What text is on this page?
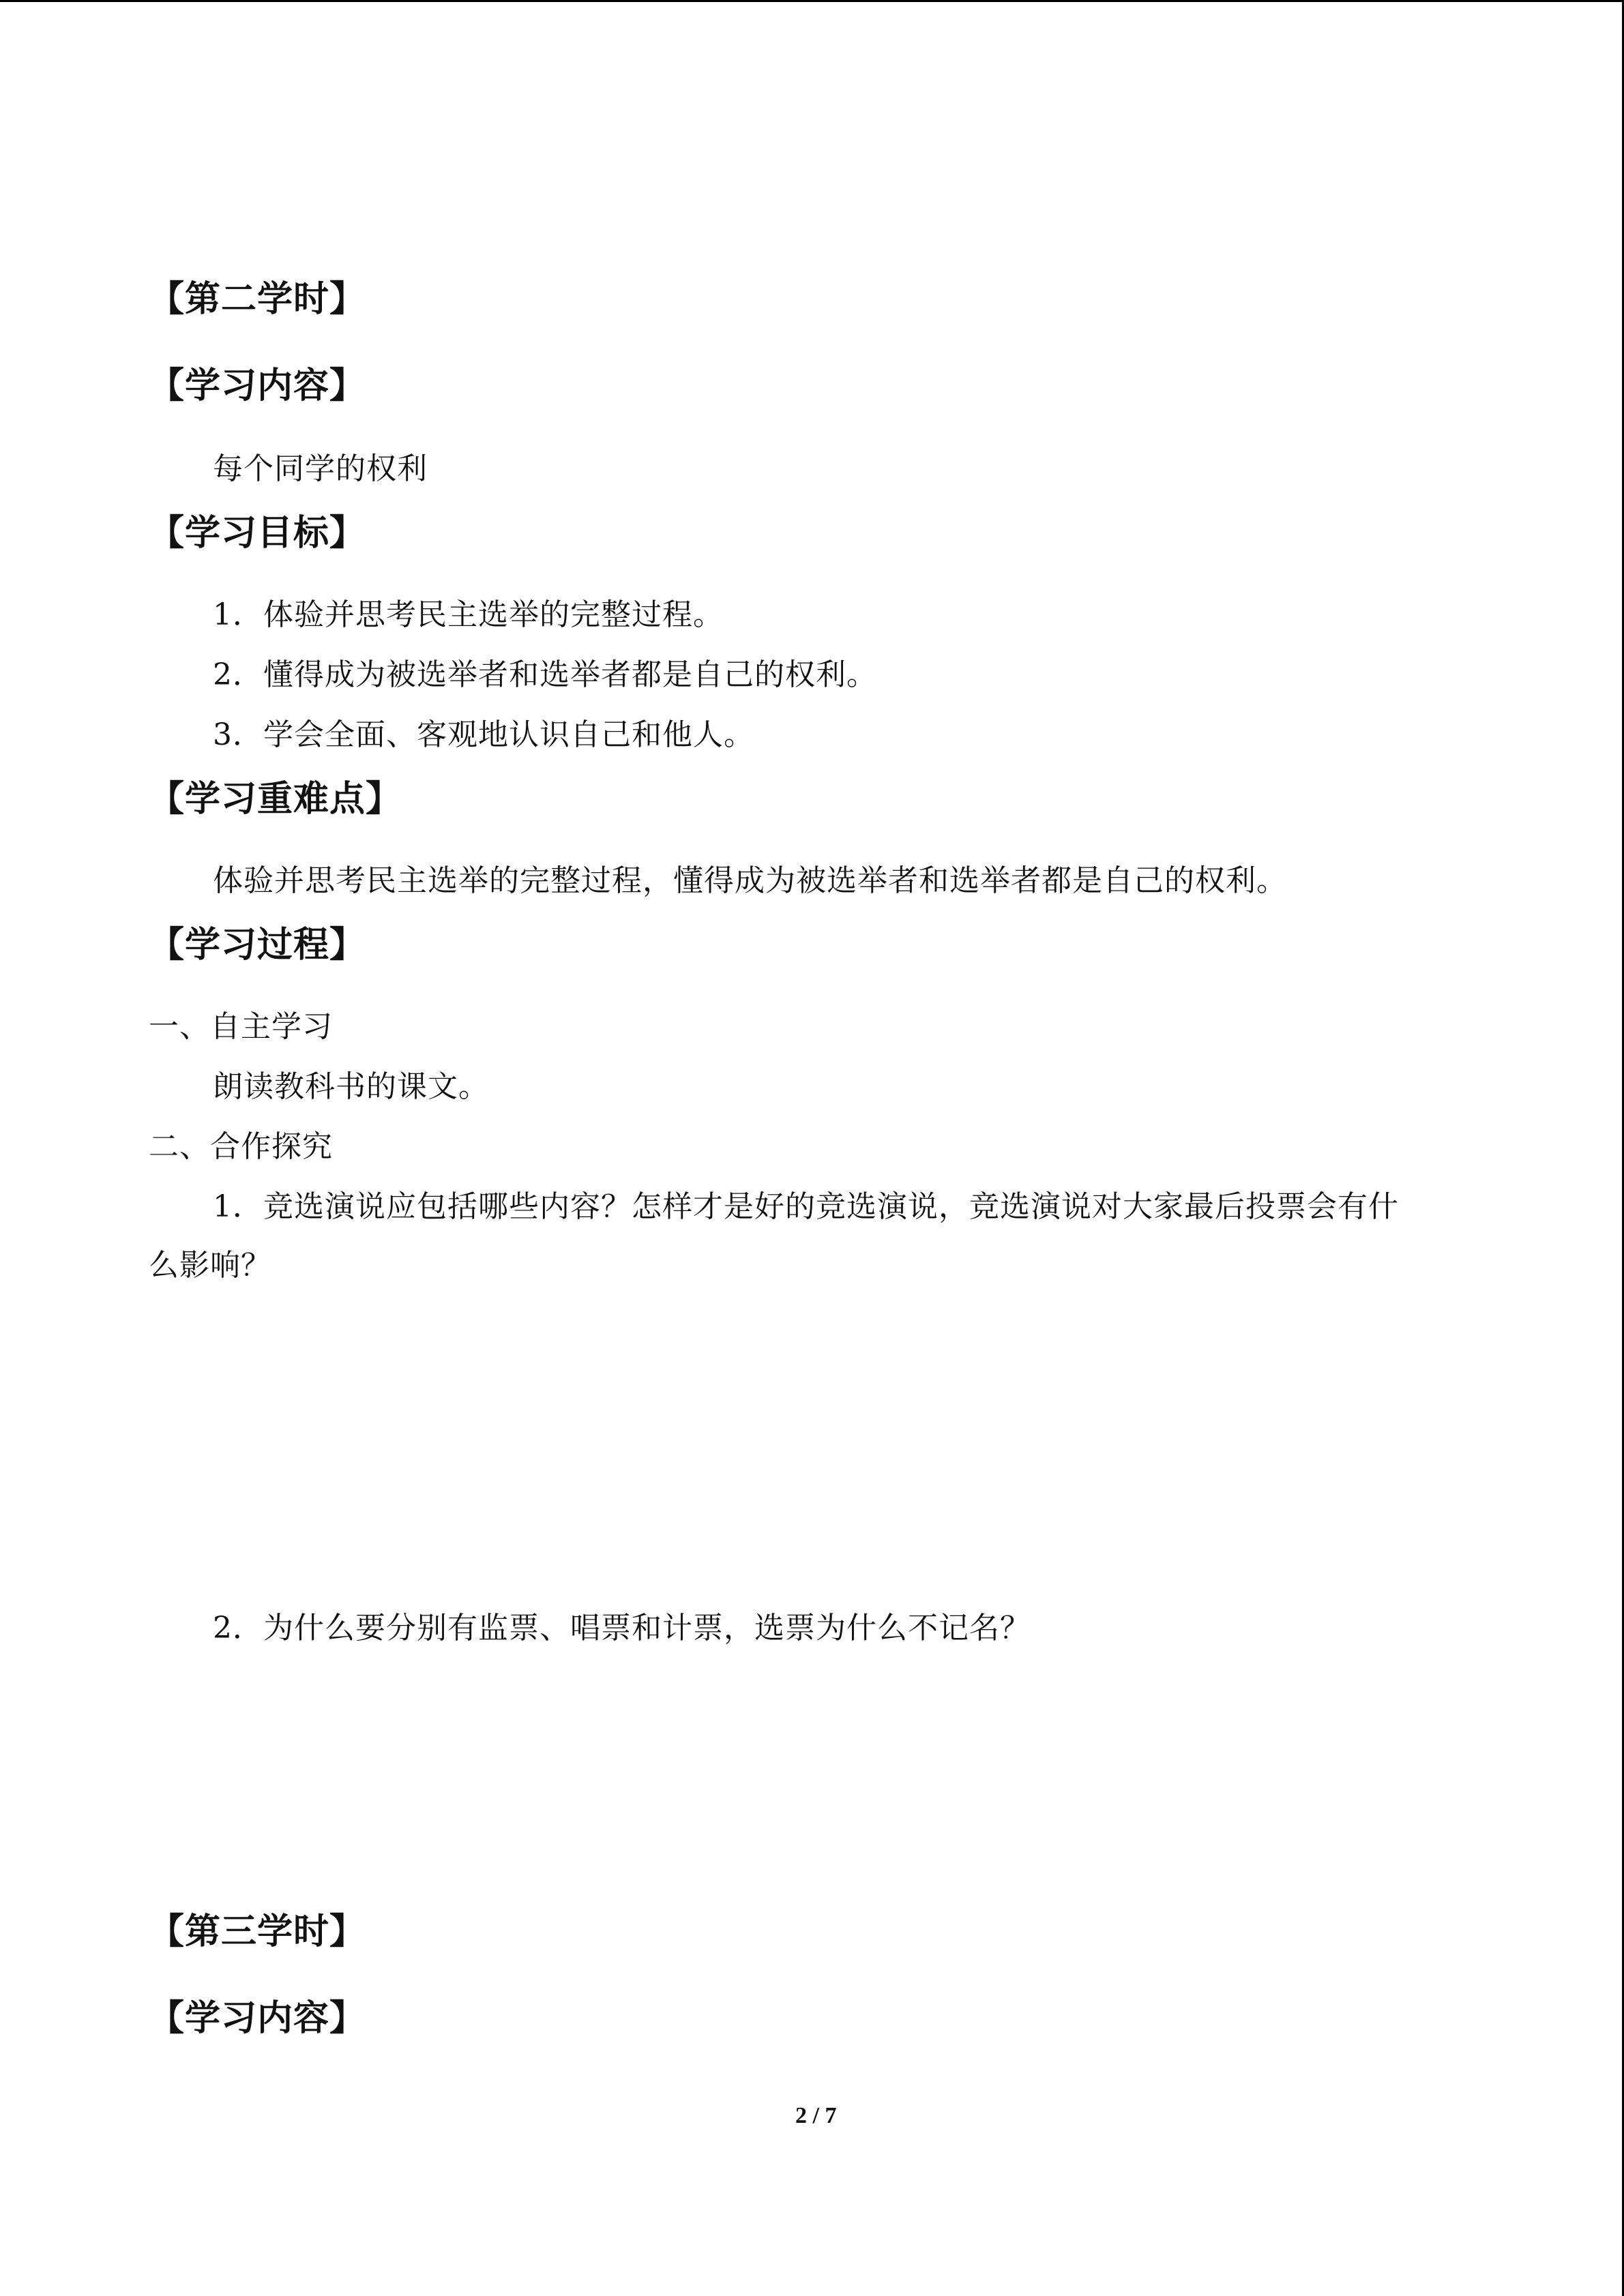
【第二学时】
【学习内容】
每个同学的权利
【学习目标】
1．体验并思考民主选举的完整过程。
2．懂得成为被选举者和选举者都是自己的权利。
3．学会全面、客观地认识自己和他人。
【学习重难点】
体验并思考民主选举的完整过程，懂得成为被选举者和选举者都是自己的权利。
【学习过程】
一、自主学习
朗读教科书的课文。
二、合作探究
1．竞选演说应包括哪些内容？怎样才是好的竞选演说，竞选演说对大家最后投票会有什
么影响？
2．为什么要分别有监票、唱票和计票，选票为什么不记名？
【第三学时】
【学习内容】
2 / 7
